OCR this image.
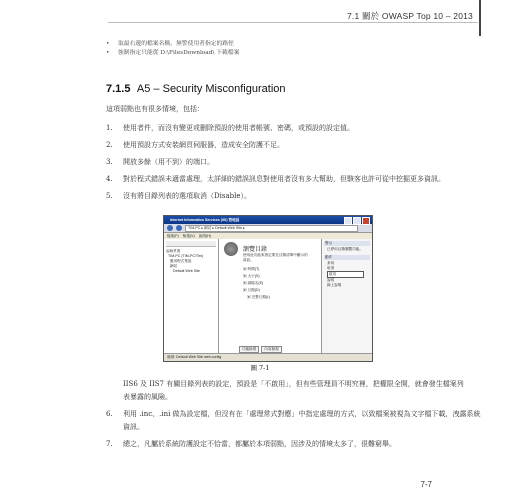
7.1 關於 OWASP Top 10 – 2013
• 取最右邊的檔案名稱，無警使用者指定的路徑
• 強制指定只能從 D:\FilesDownload\ 下載檔案
7.1.5 A5 – Security Misconfiguration
這項弱點也有很多情境，包括：
1. 使用者件，而沒有變更或刪除預設的使用者帳號、密碼，或預設的設定值。
2. 使用預設方式安裝網頁伺服器，造成安全防護不足。
3. 開放多餘（用不到）的端口。
4. 對於程式錯誤未適當處理，太詳細的錯誤訊息對使用者沒有多大幫助，但駭客也許可從中挖掘更多資訊。
5. 沒有將目錄列表的選項取消（Disable）。
Internet Information Services (IIS) 管理員
TIM-PC ▸ 網站 ▸ Default Web Site ▸
檔案(F) 檢視(V) 說明(H)
起始頁面
TIM-PC (TIM-PC\Tim)
應用程式集區
網站
Default Web Site
瀏覽目錄
使用此功能來指定要在目錄清單中顯示的資訊。
▣ 時間(T)
▣ 大小(S)
▣ 副檔名(E)
▣ 日期(D)
▣ 完整日期(L)
功能檢視	內容檢視
警示
已停用目錄瀏覽功能。
動作
套用
取消
啟用
說明
線上說明
就緒: Default Web Site web.config
圖 7-1
IIS6 及 IIS7 有關目錄列表的設定，預設是「不啟用」，但有些管理員不明究裡，把權限全開，就會發生檔案列表暴露的風險。
6. 利用 .inc、.ini 做為設定檔，但沒有在「處理常式對應」中指定處理的方式，以致檔案被視為文字檔下載，洩露系統資訊。
7. 總之，凡屬於系統防護設定不恰當，都屬於本項弱點，因涉及的情境太多了，很難窮舉。
7-7
